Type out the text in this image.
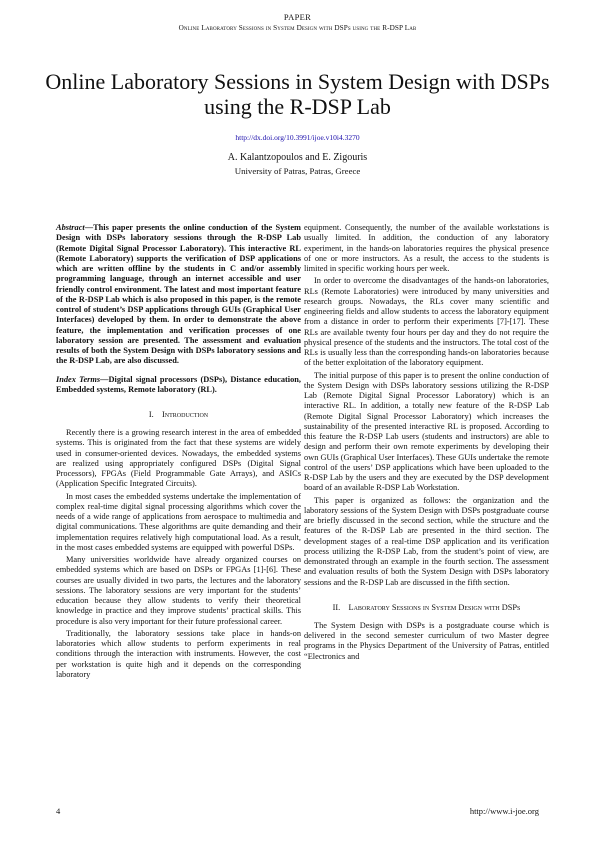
PAPER
Online Laboratory Sessions in System Design with DSPs using the R-DSP Lab
Online Laboratory Sessions in System Design with DSPs using the R-DSP Lab
http://dx.doi.org/10.3991/ijoe.v10i4.3270
A. Kalantzopoulos and E. Zigouris
University of Patras, Patras, Greece

Abstract—This paper presents the online conduction of the System Design with DSPs laboratory sessions through the R-DSP Lab (Remote Digital Signal Processor Laboratory). This interactive RL (Remote Laboratory) supports the verification of DSP applications which are written offline by the students in C and/or assembly programming language, through an internet accessible and user friendly control environment. The latest and most important feature of the R-DSP Lab which is also proposed in this paper, is the remote control of student’s DSP applications through GUIs (Graphical User Interfaces) developed by them. In order to demonstrate the above feature, the implementation and verification processes of one laboratory session are presented. The assessment and evaluation results of both the System Design with DSPs laboratory sessions and the R-DSP Lab, are also discussed.

Index Terms—Digital signal processors (DSPs), Distance education, Embedded systems, Remote laboratory (RL).

I. Introduction

Recently there is a growing research interest in the area of embedded systems. This is originated from the fact that these systems are widely used in consumer-oriented devices. Nowadays, the embedded systems are realized using appropriately configured DSPs (Digital Signal Processors), FPGAs (Field Programmable Gate Arrays), and ASICs (Application Specific Integrated Circuits).

In most cases the embedded systems undertake the implementation of complex real-time digital signal processing algorithms which cover the needs of a wide range of applications from aerospace to multimedia and digital communications. These algorithms are quite demanding and their implementation requires relatively high computational load. As a result, in the most cases embedded systems are equipped with powerful DSPs.

Many universities worldwide have already organized courses on embedded systems which are based on DSPs or FPGAs [1]-[6]. These courses are usually divided in two parts, the lectures and the laboratory sessions. The laboratory sessions are very important for the students’ education because they allow students to verify their theoretical knowledge in practice and they improve students’ practical skills. This procedure is also very important for their future professional career.

Traditionally, the laboratory sessions take place in hands-on laboratories which allow students to perform experiments in real conditions through the interaction with instruments. However, the cost per workstation is quite high and it depends on the corresponding laboratory

equipment. Consequently, the number of the available workstations is usually limited. In addition, the conduction of any laboratory experiment, in the hands-on laboratories requires the physical presence of one or more instructors. As a result, the access to the students is limited in specific working hours per week.

In order to overcome the disadvantages of the hands-on laboratories, RLs (Remote Laboratories) were introduced by many universities and research groups. Nowadays, the RLs cover many scientific and engineering fields and allow students to access the laboratory equipment from a distance in order to perform their experiments [7]-[17]. These RLs are available twenty four hours per day and they do not require the physical presence of the students and the instructors. The total cost of the RLs is usually less than the corresponding hands-on laboratories because of the better exploitation of the laboratory equipment.

The initial purpose of this paper is to present the online conduction of the System Design with DSPs laboratory sessions utilizing the R-DSP Lab (Remote Digital Signal Processor Laboratory) which is an interactive RL. In addition, a totally new feature of the R-DSP Lab (Remote Digital Signal Processor Laboratory) which increases the sustainability of the presented interactive RL is proposed. According to this feature the R-DSP Lab users (students and instructors) are able to design and perform their own remote experiments by developing their own GUIs (Graphical User Interfaces). These GUIs undertake the remote control of the users’ DSP applications which have been uploaded to the R-DSP Lab by the users and they are executed by the DSP development board of an available R-DSP Lab Workstation.

This paper is organized as follows: the organization and the laboratory sessions of the System Design with DSPs postgraduate course are briefly discussed in the second section, while the structure and the features of the R-DSP Lab are presented in the third section. The development stages of a real-time DSP application and its verification process utilizing the R-DSP Lab, from the student’s point of view, are demonstrated through an example in the fourth section. The assessment and evaluation results of both the System Design with DSPs laboratory sessions and the R-DSP Lab are discussed in the fifth section.

II. Laboratory Sessions in System Design with DSPs

The System Design with DSPs is a postgraduate course which is delivered in the second semester curriculum of two Master degree programs in the Physics Department of the University of Patras, entitled “Electronics and

4	http://www.i-joe.org
